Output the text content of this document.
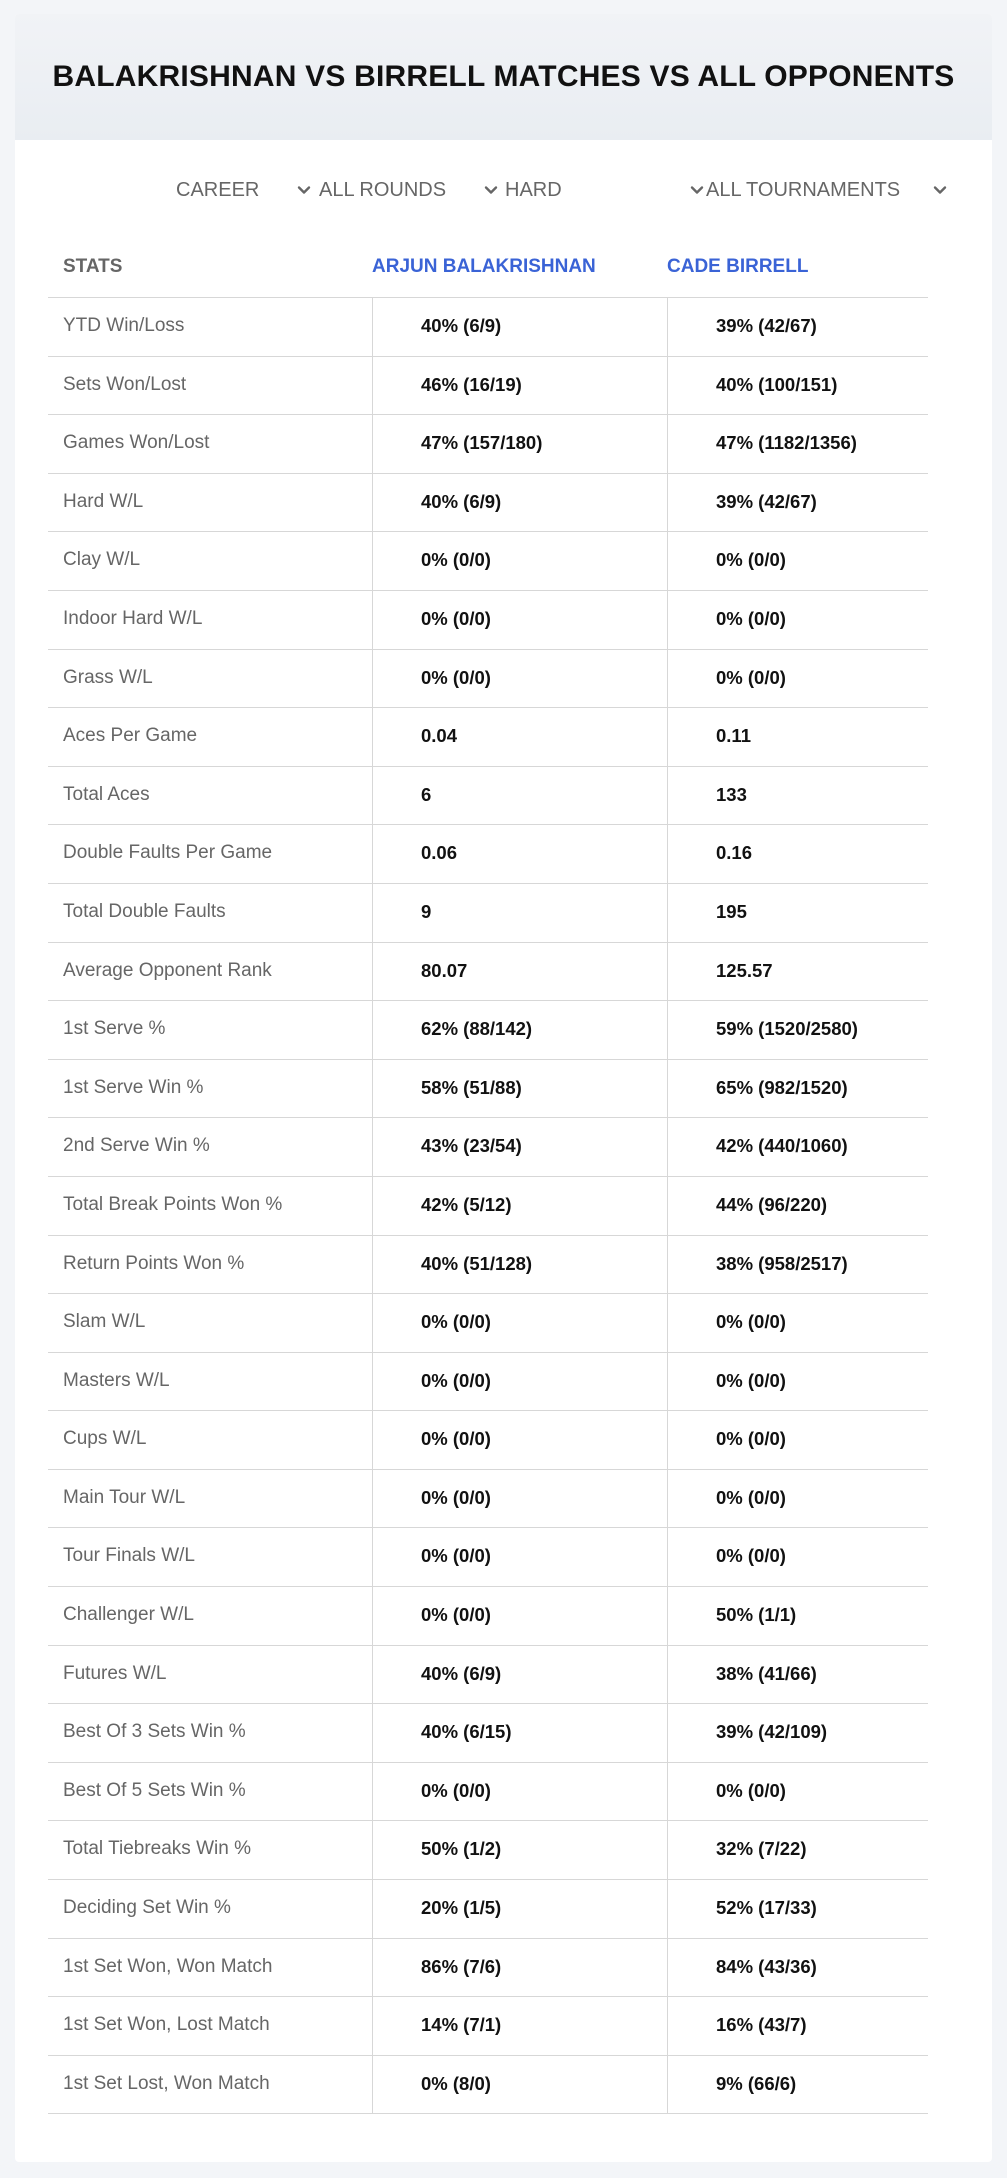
BALAKRISHNAN VS BIRRELL MATCHES VS ALL OPPONENTS
CAREER	ALL ROUNDS	HARD	ALL TOURNAMENTS
STATS	ARJUN BALAKRISHNAN	CADE BIRRELL
YTD Win/Loss	40% (6/9)	39% (42/67)
Sets Won/Lost	46% (16/19)	40% (100/151)
Games Won/Lost	47% (157/180)	47% (1182/1356)
Hard W/L	40% (6/9)	39% (42/67)
Clay W/L	0% (0/0)	0% (0/0)
Indoor Hard W/L	0% (0/0)	0% (0/0)
Grass W/L	0% (0/0)	0% (0/0)
Aces Per Game	0.04	0.11
Total Aces	6	133
Double Faults Per Game	0.06	0.16
Total Double Faults	9	195
Average Opponent Rank	80.07	125.57
1st Serve %	62% (88/142)	59% (1520/2580)
1st Serve Win %	58% (51/88)	65% (982/1520)
2nd Serve Win %	43% (23/54)	42% (440/1060)
Total Break Points Won %	42% (5/12)	44% (96/220)
Return Points Won %	40% (51/128)	38% (958/2517)
Slam W/L	0% (0/0)	0% (0/0)
Masters W/L	0% (0/0)	0% (0/0)
Cups W/L	0% (0/0)	0% (0/0)
Main Tour W/L	0% (0/0)	0% (0/0)
Tour Finals W/L	0% (0/0)	0% (0/0)
Challenger W/L	0% (0/0)	50% (1/1)
Futures W/L	40% (6/9)	38% (41/66)
Best Of 3 Sets Win %	40% (6/15)	39% (42/109)
Best Of 5 Sets Win %	0% (0/0)	0% (0/0)
Total Tiebreaks Win %	50% (1/2)	32% (7/22)
Deciding Set Win %	20% (1/5)	52% (17/33)
1st Set Won, Won Match	86% (7/6)	84% (43/36)
1st Set Won, Lost Match	14% (7/1)	16% (43/7)
1st Set Lost, Won Match	0% (8/0)	9% (66/6)
